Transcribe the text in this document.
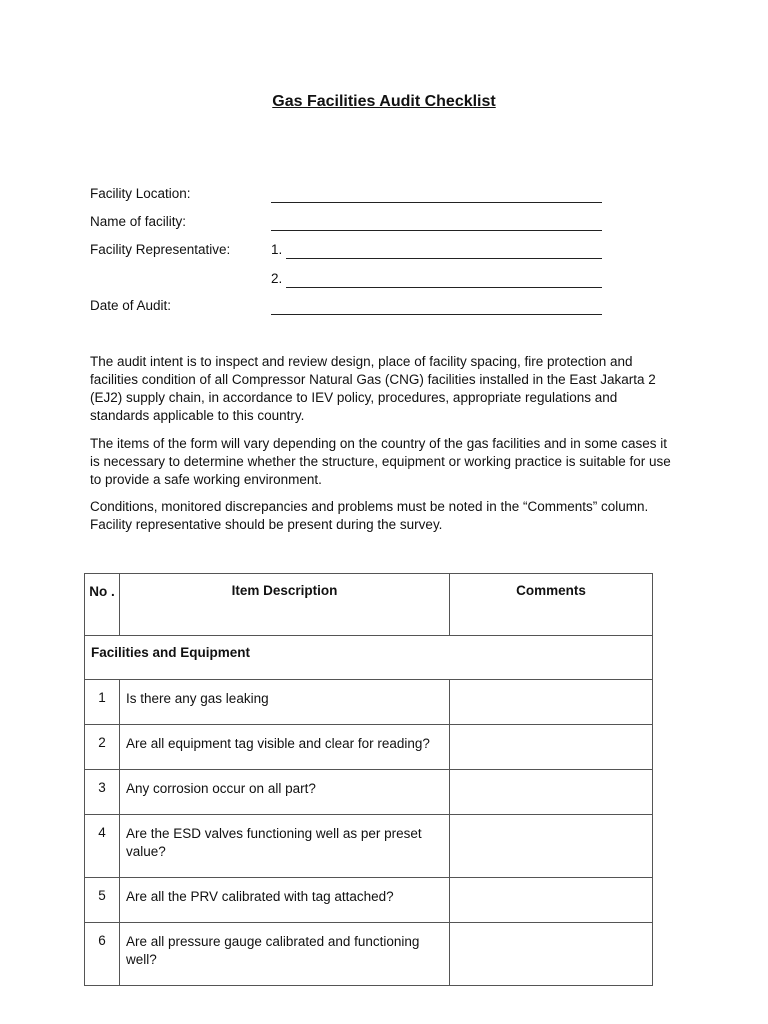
Gas Facilities Audit Checklist
Facility Location:
Name of facility:
Facility Representative:	1.
2.
Date of Audit:

The audit intent is to inspect and review design, place of facility spacing, fire protection and facilities condition of all Compressor Natural Gas (CNG) facilities installed in the East Jakarta 2 (EJ2) supply chain, in accordance to IEV policy, procedures, appropriate regulations and standards applicable to this country.

The items of the form will vary depending on the country of the gas facilities and in some cases it is necessary to determine whether the structure, equipment or working practice is suitable for use to provide a safe working environment.

Conditions, monitored discrepancies and problems must be noted in the “Comments” column. Facility representative should be present during the survey.

No .	Item Description	Comments
Facilities and Equipment		
1	Is there any gas leaking	
2	Are all equipment tag visible and clear for reading?	
3	Any corrosion occur on all part?	
4	Are the ESD valves functioning well as per preset value?	
5	Are all the PRV calibrated with tag attached?	
6	Are all pressure gauge calibrated and functioning well?	
